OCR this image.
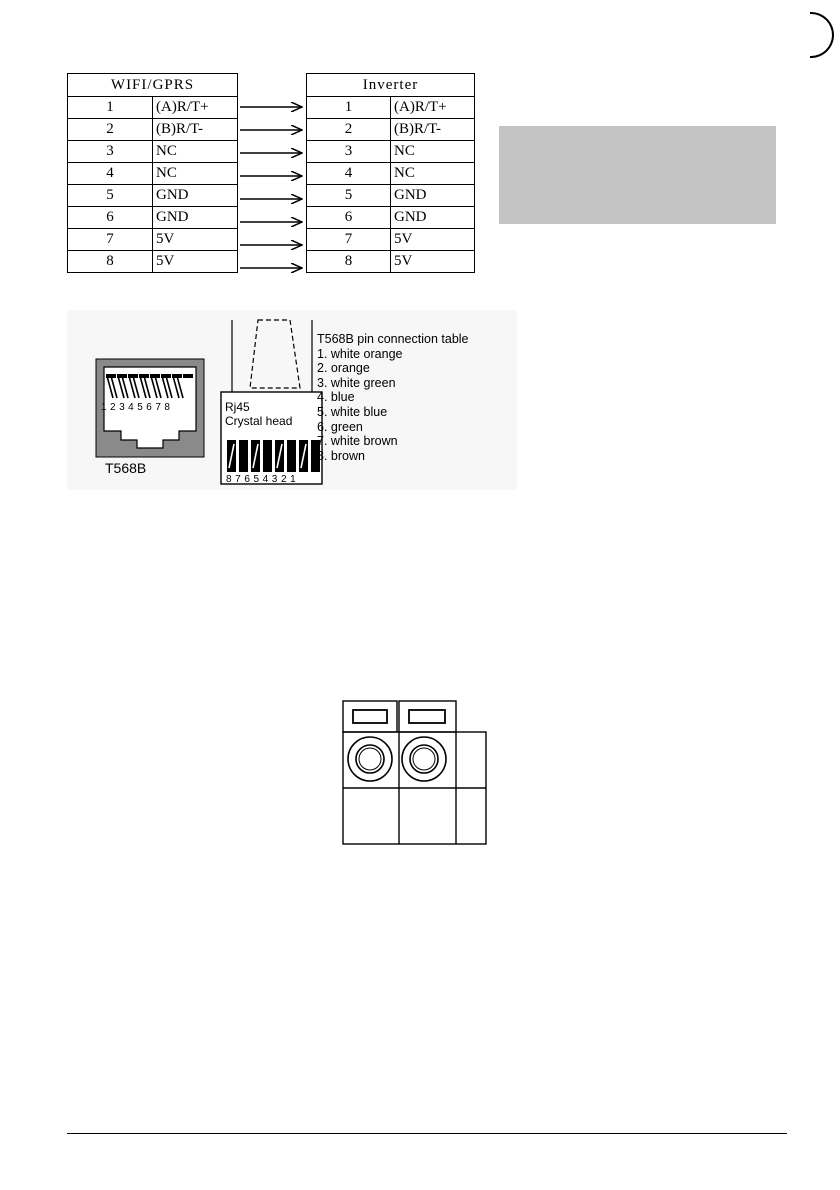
WIFI/GPRS	
1	(A)R/T+
2	(B)R/T-
3	NC
4	NC
5	GND
6	GND
7	5V
8	5V
Inverter	
1	(A)R/T+
2	(B)R/T-
3	NC
4	NC
5	GND
6	GND
7	5V
8	5V
12345678
T568B
Rj45
Crystal head
87654321
T568B pin connection table
1. white orange
2. orange
3. white green
4. blue
5. white blue
6. green
7. white brown
8. brown
